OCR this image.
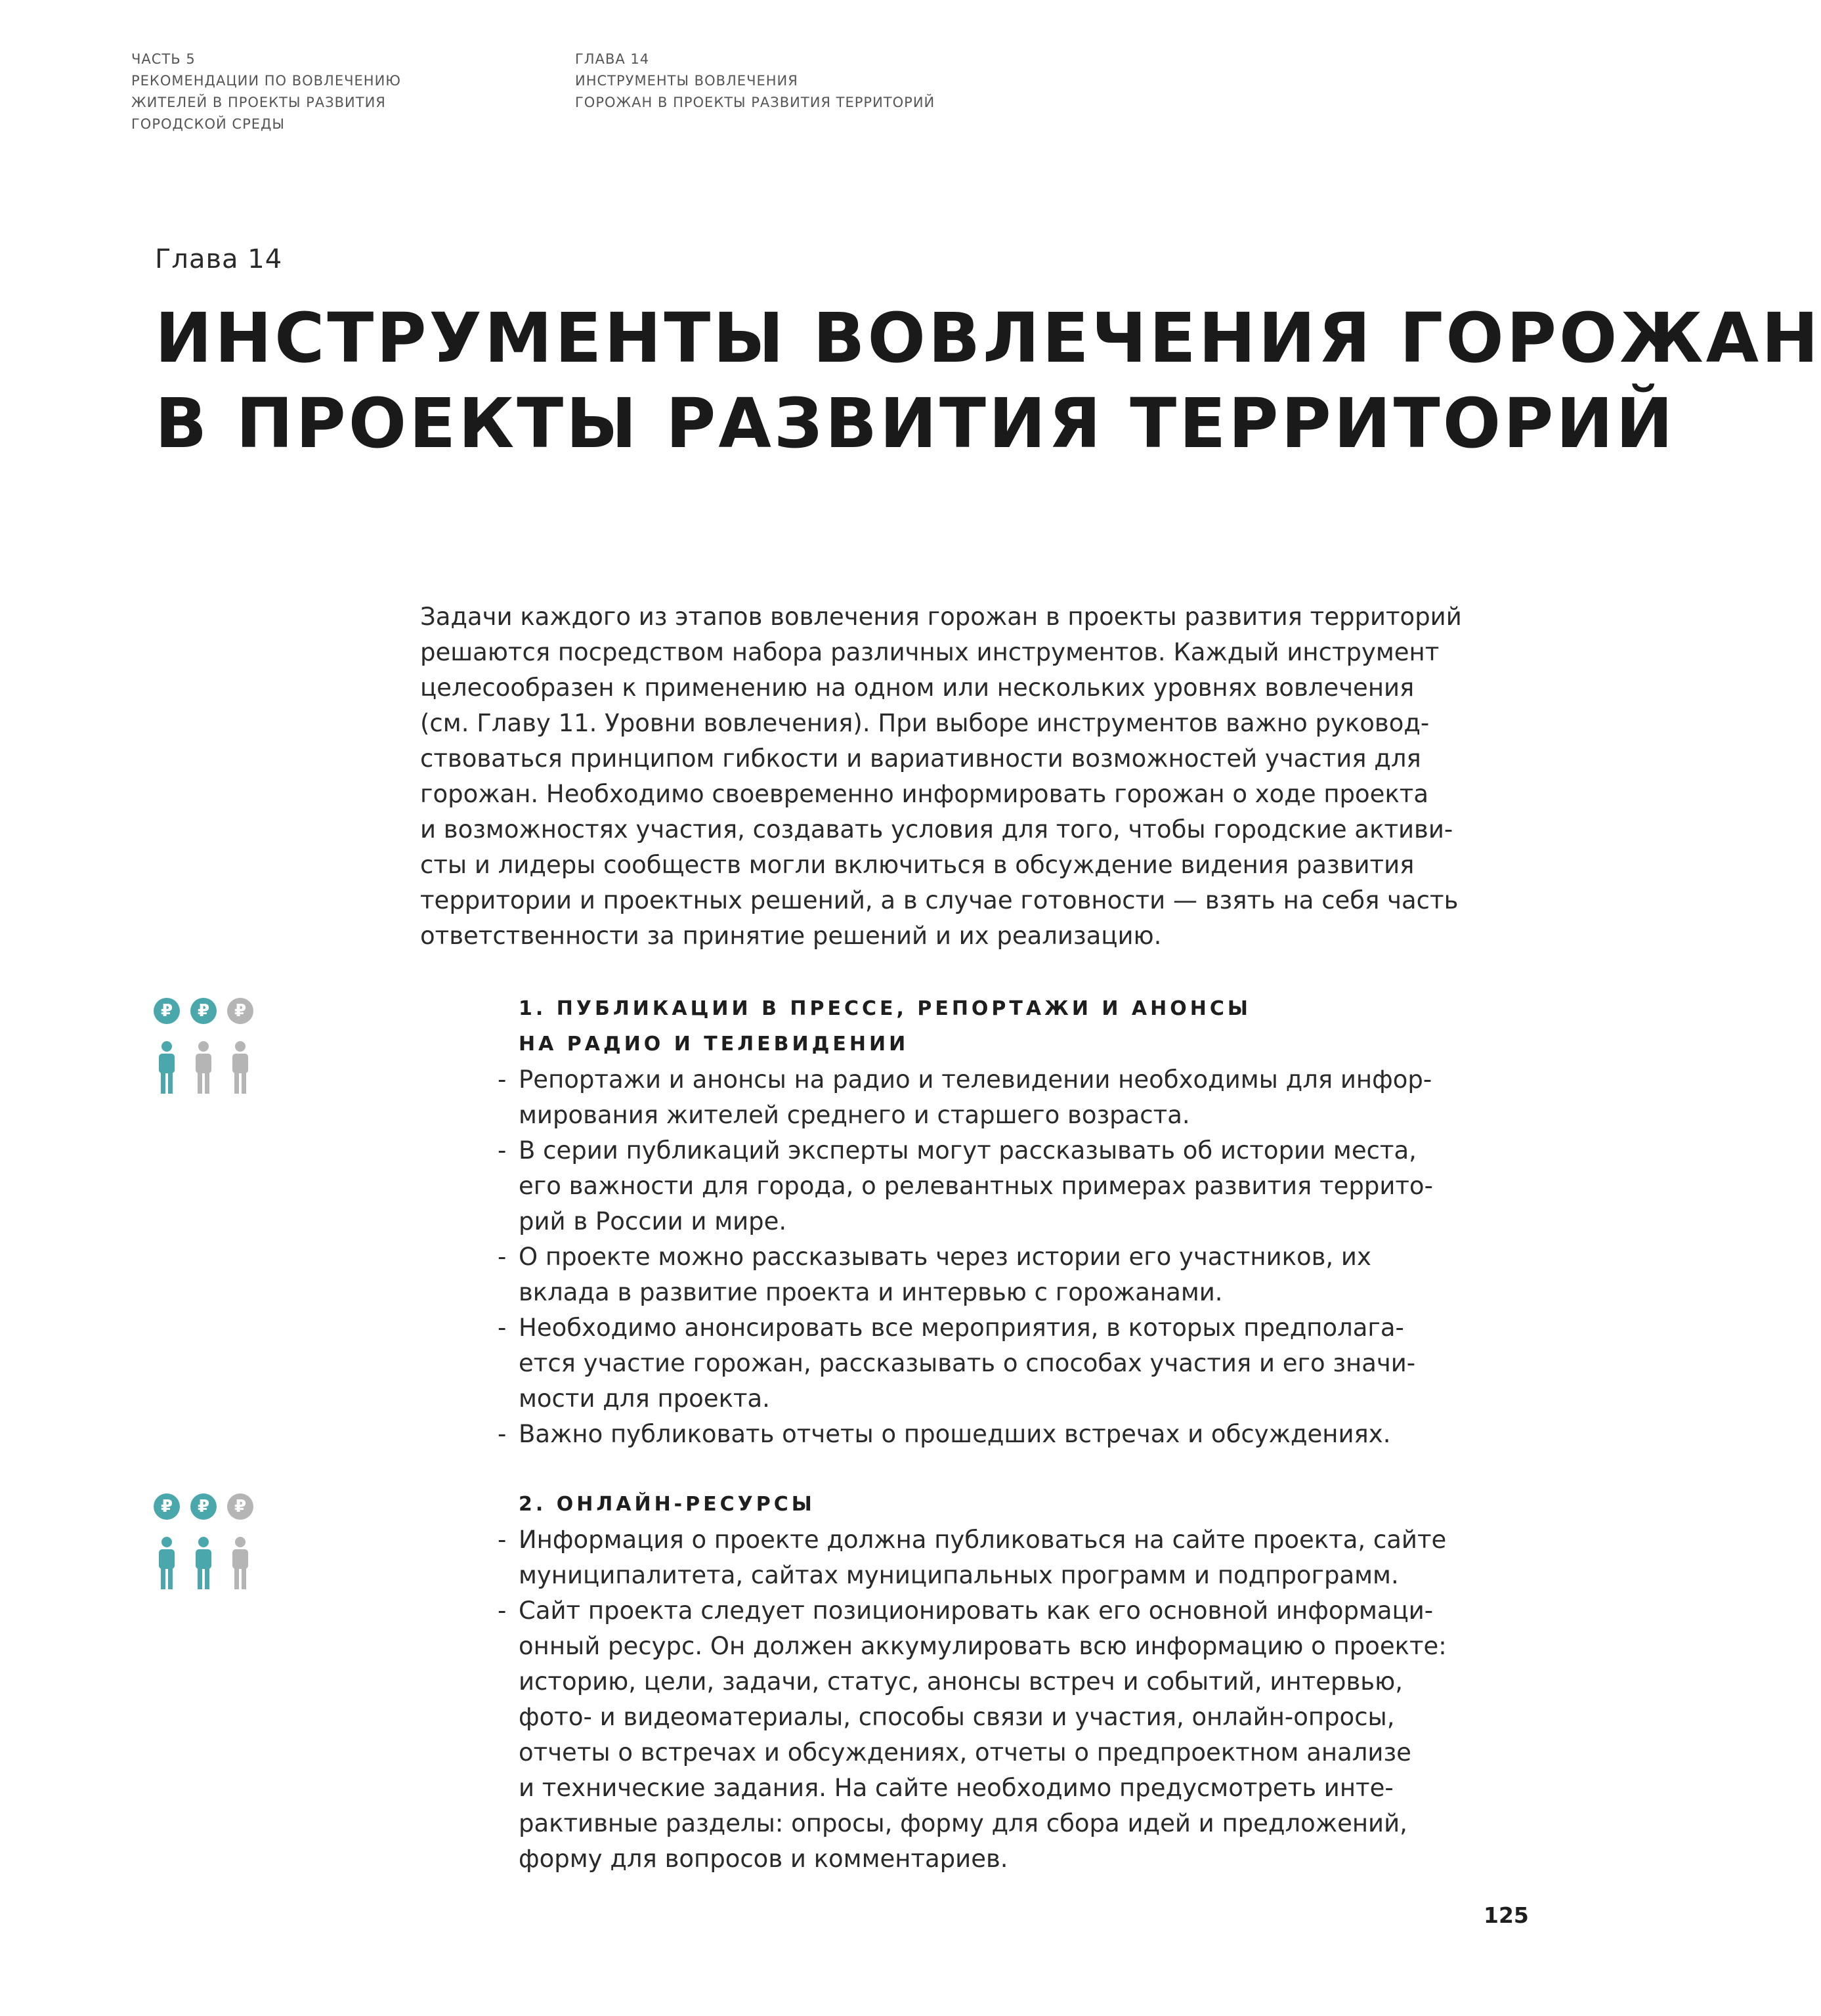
ЧАСТЬ 5
РЕКОМЕНДАЦИИ ПО ВОВЛЕЧЕНИЮ
ЖИТЕЛЕЙ В ПРОЕКТЫ РАЗВИТИЯ
ГОРОДСКОЙ СРЕДЫ
ГЛАВА 14
ИНСТРУМЕНТЫ ВОВЛЕЧЕНИЯ
ГОРОЖАН В ПРОЕКТЫ РАЗВИТИЯ ТЕРРИТОРИЙ
Глава 14
ИНСТРУМЕНТЫ ВОВЛЕЧЕНИЯ ГОРОЖАН
В ПРОЕКТЫ РАЗВИТИЯ ТЕРРИТОРИЙ
Задачи каждого из этапов вовлечения горожан в проекты развития территорий
решаются посредством набора различных инструментов. Каждый инструмент
целесообразен к применению на одном или нескольких уровнях вовлечения
(см. Главу 11. Уровни вовлечения). При выборе инструментов важно руковод-
ствоваться принципом гибкости и вариативности возможностей участия для
горожан. Необходимо своевременно информировать горожан о ходе проекта
и возможностях участия, создавать условия для того, чтобы городские активи-
сты и лидеры сообществ могли включиться в обсуждение видения развития
территории и проектных решений, а в случае готовности — взять на себя часть
ответственности за принятие решений и их реализацию.
₽	₽	₽	1. ПУБЛИКАЦИИ В ПРЕССЕ, РЕПОРТАЖИ И АНОНСЫ
НА РАДИО И ТЕЛЕВИДЕНИИ
- Репортажи и анонсы на радио и телевидении необходимы для инфор-
мирования жителей среднего и старшего возраста.
- В серии публикаций эксперты могут рассказывать об истории места,
его важности для города, о релевантных примерах развития террито-
рий в России и мире.
- О проекте можно рассказывать через истории его участников, их
вклада в развитие проекта и интервью с горожанами.
- Необходимо анонсировать все мероприятия, в которых предполага-
ется участие горожан, рассказывать о способах участия и его значи-
мости для проекта.
- Важно публиковать отчеты о прошедших встречах и обсуждениях.
₽	₽	₽	2. ОНЛАЙН-РЕСУРСЫ
- Информация о проекте должна публиковаться на сайте проекта, сайте
муниципалитета, сайтах муниципальных программ и подпрограмм.
- Сайт проекта следует позиционировать как его основной информаци-
онный ресурс. Он должен аккумулировать всю информацию о проекте:
историю, цели, задачи, статус, анонсы встреч и событий, интервью,
фото- и видеоматериалы, способы связи и участия, онлайн-опросы,
отчеты о встречах и обсуждениях, отчеты о предпроектном анализе
и технические задания. На сайте необходимо предусмотреть инте-
рактивные разделы: опросы, форму для сбора идей и предложений,
форму для вопросов и комментариев.
125
